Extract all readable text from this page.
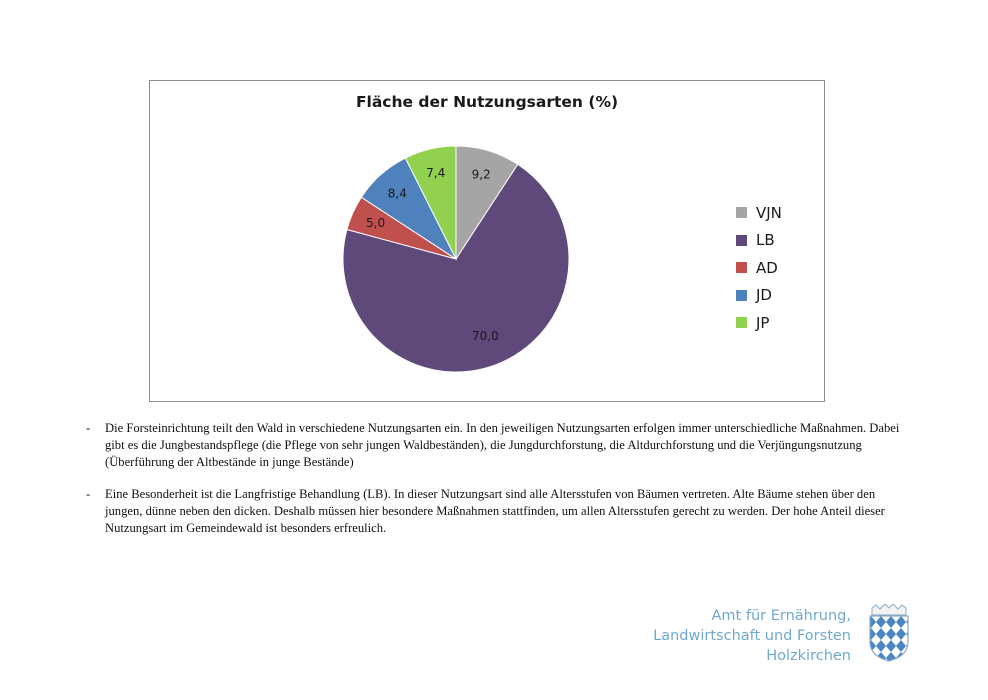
Fläche der Nutzungsarten (%)
9,2
70,0
5,0
8,4
7,4
VJN
LB
AD
JD
JP
-	Die Forsteinrichtung teilt den Wald in verschiedene Nutzungsarten ein. In den jeweiligen Nutzungsarten erfolgen immer unterschiedliche Maßnahmen. Dabei gibt es die Jungbestandspflege (die Pflege von sehr jungen Waldbeständen), die Jungdurchforstung, die Altdurchforstung und die Verjüngungsnutzung (Überführung der Altbestände in junge Bestände)
-	Eine Besonderheit ist die Langfristige Behandlung (LB). In dieser Nutzungsart sind alle Altersstufen von Bäumen vertreten. Alte Bäume stehen über den jungen, dünne neben den dicken. Deshalb müssen hier besondere Maßnahmen stattfinden, um allen Altersstufen gerecht zu werden. Der hohe Anteil dieser Nutzungsart im Gemeindewald ist besonders erfreulich.
Amt für Ernährung,
Landwirtschaft und Forsten
Holzkirchen
